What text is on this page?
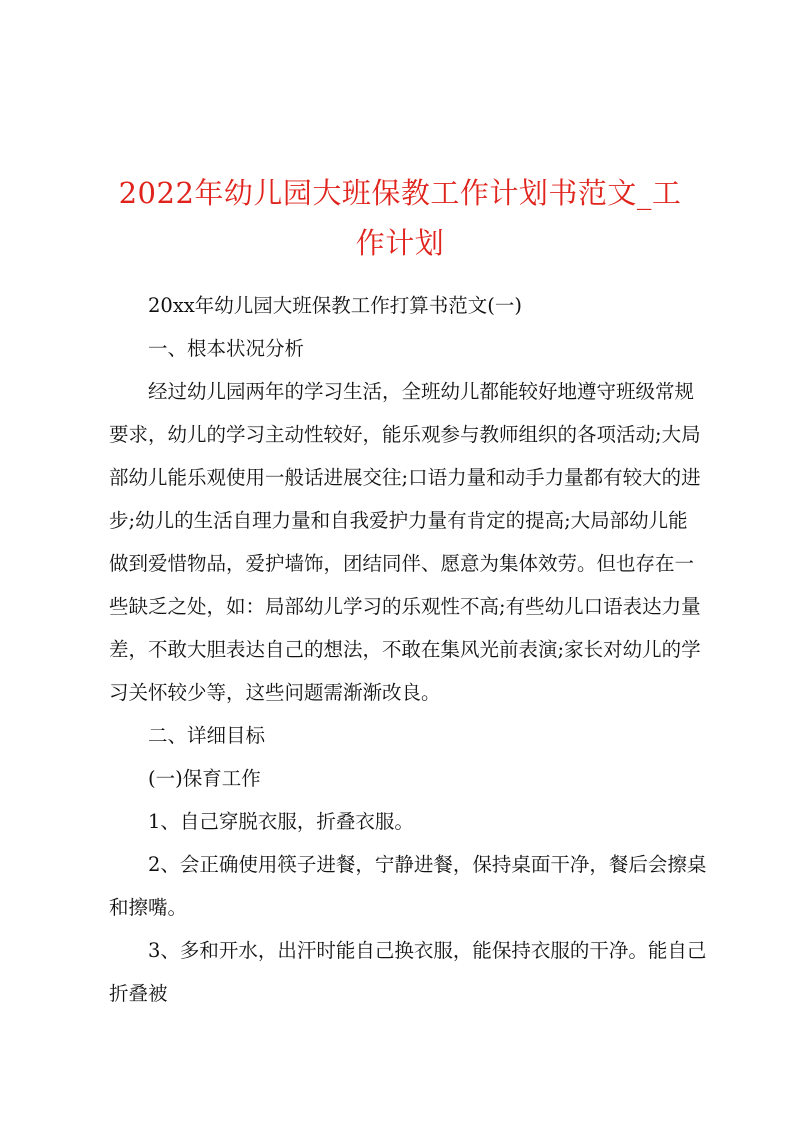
2022年幼儿园大班保教工作计划书范文_工作计划

20xx年幼儿园大班保教工作打算书范文(一)

一、根本状况分析

经过幼儿园两年的学习生活，全班幼儿都能较好地遵守班级常规要求，幼儿的学习主动性较好，能乐观参与教师组织的各项活动;大局部幼儿能乐观使用一般话进展交往;口语力量和动手力量都有较大的进步;幼儿的生活自理力量和自我爱护力量有肯定的提高;大局部幼儿能做到爱惜物品，爱护墙饰，团结同伴、愿意为集体效劳。但也存在一些缺乏之处，如：局部幼儿学习的乐观性不高;有些幼儿口语表达力量差，不敢大胆表达自己的想法，不敢在集风光前表演;家长对幼儿的学习关怀较少等，这些问题需渐渐改良。

二、详细目标

(一)保育工作

1、自己穿脱衣服，折叠衣服。

2、会正确使用筷子进餐，宁静进餐，保持桌面干净，餐后会擦桌和擦嘴。

3、多和开水，出汗时能自己换衣服，能保持衣服的干净。能自己折叠被
